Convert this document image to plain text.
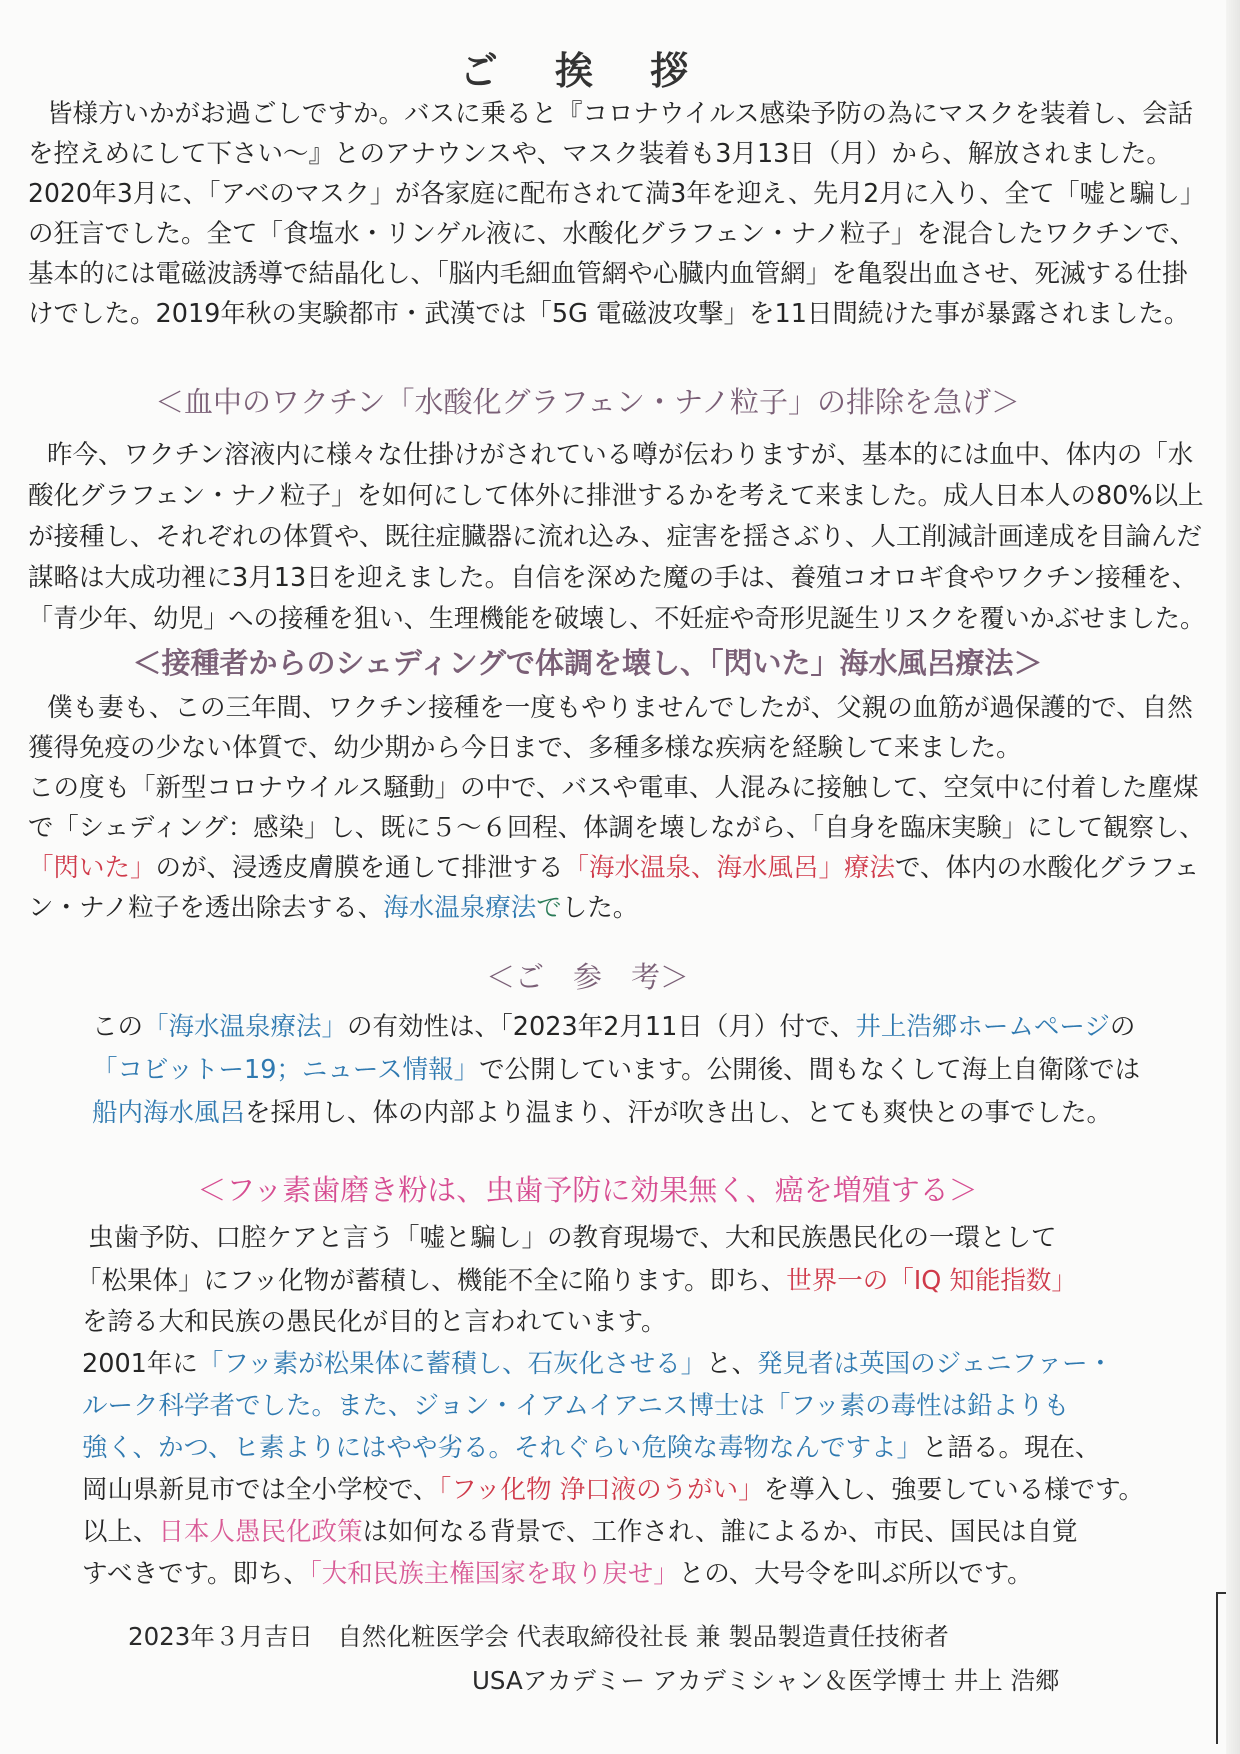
ご 挨 拶
皆様方いかがお過ごしですか。バスに乗ると『コロナウイルス感染予防の為にマスクを装着し、会話
を控えめにして下さい～』とのアナウンスや、マスク装着も3月13日（月）から、解放されました。
2020年3月に、「アベのマスク」が各家庭に配布されて満3年を迎え、先月2月に入り、全て「嘘と騙し」
の狂言でした。全て「食塩水・リンゲル液に、水酸化グラフェン・ナノ粒子」を混合したワクチンで、
基本的には電磁波誘導で結晶化し、「脳内毛細血管網や心臓内血管網」を亀裂出血させ、死滅する仕掛
けでした。2019年秋の実験都市・武漢では「5G 電磁波攻撃」を11日間続けた事が暴露されました。
＜血中のワクチン「水酸化グラフェン・ナノ粒子」の排除を急げ＞
昨今、ワクチン溶液内に様々な仕掛けがされている噂が伝わりますが、基本的には血中、体内の「水
酸化グラフェン・ナノ粒子」を如何にして体外に排泄するかを考えて来ました。成人日本人の80%以上
が接種し、それぞれの体質や、既往症臓器に流れ込み、症害を揺さぶり、人工削減計画達成を目論んだ
謀略は大成功裡に3月13日を迎えました。自信を深めた魔の手は、養殖コオロギ食やワクチン接種を、
「青少年、幼児」への接種を狙い、生理機能を破壊し、不妊症や奇形児誕生リスクを覆いかぶせました。
＜接種者からのシェディングで体調を壊し、「閃いた」海水風呂療法＞
僕も妻も、この三年間、ワクチン接種を一度もやりませんでしたが、父親の血筋が過保護的で、自然
獲得免疫の少ない体質で、幼少期から今日まで、多種多様な疾病を経験して来ました。
この度も「新型コロナウイルス騒動」の中で、バスや電車、人混みに接触して、空気中に付着した塵煤
で「シェディング：感染」し、既に５～６回程、体調を壊しながら、「自身を臨床実験」にして観察し、
「閃いた」のが、浸透皮膚膜を通して排泄する「海水温泉、海水風呂」療法で、体内の水酸化グラフェ
ン・ナノ粒子を透出除去する、海水温泉療法でした。
＜ご　参　考＞
この「海水温泉療法」の有効性は、「2023年2月11日（月）付で、井上浩郷ホームページの
「コビットー19；ニュース情報」で公開しています。公開後、間もなくして海上自衛隊では
船内海水風呂を採用し、体の内部より温まり、汗が吹き出し、とても爽快との事でした。
＜フッ素歯磨き粉は、虫歯予防に効果無く、癌を増殖する＞
虫歯予防、口腔ケアと言う「嘘と騙し」の教育現場で、大和民族愚民化の一環として
「松果体」にフッ化物が蓄積し、機能不全に陥ります。即ち、世界一の「IQ 知能指数」
を誇る大和民族の愚民化が目的と言われています。
2001年に「フッ素が松果体に蓄積し、石灰化させる」と、発見者は英国のジェニファー・
ルーク科学者でした。また、ジョン・イアムイアニス博士は「フッ素の毒性は鉛よりも
強く、かつ、ヒ素よりにはやや劣る。それぐらい危険な毒物なんですよ」と語る。現在、
岡山県新見市では全小学校で、「フッ化物 浄口液のうがい」を導入し、強要している様です。
以上、日本人愚民化政策は如何なる背景で、工作され、誰によるか、市民、国民は自覚
すべきです。即ち、「大和民族主権国家を取り戻せ」との、大号令を叫ぶ所以です。
2023年３月吉日　自然化粧医学会 代表取締役社長 兼 製品製造責任技術者
USAアカデミー アカデミシャン＆医学博士 井上 浩郷
